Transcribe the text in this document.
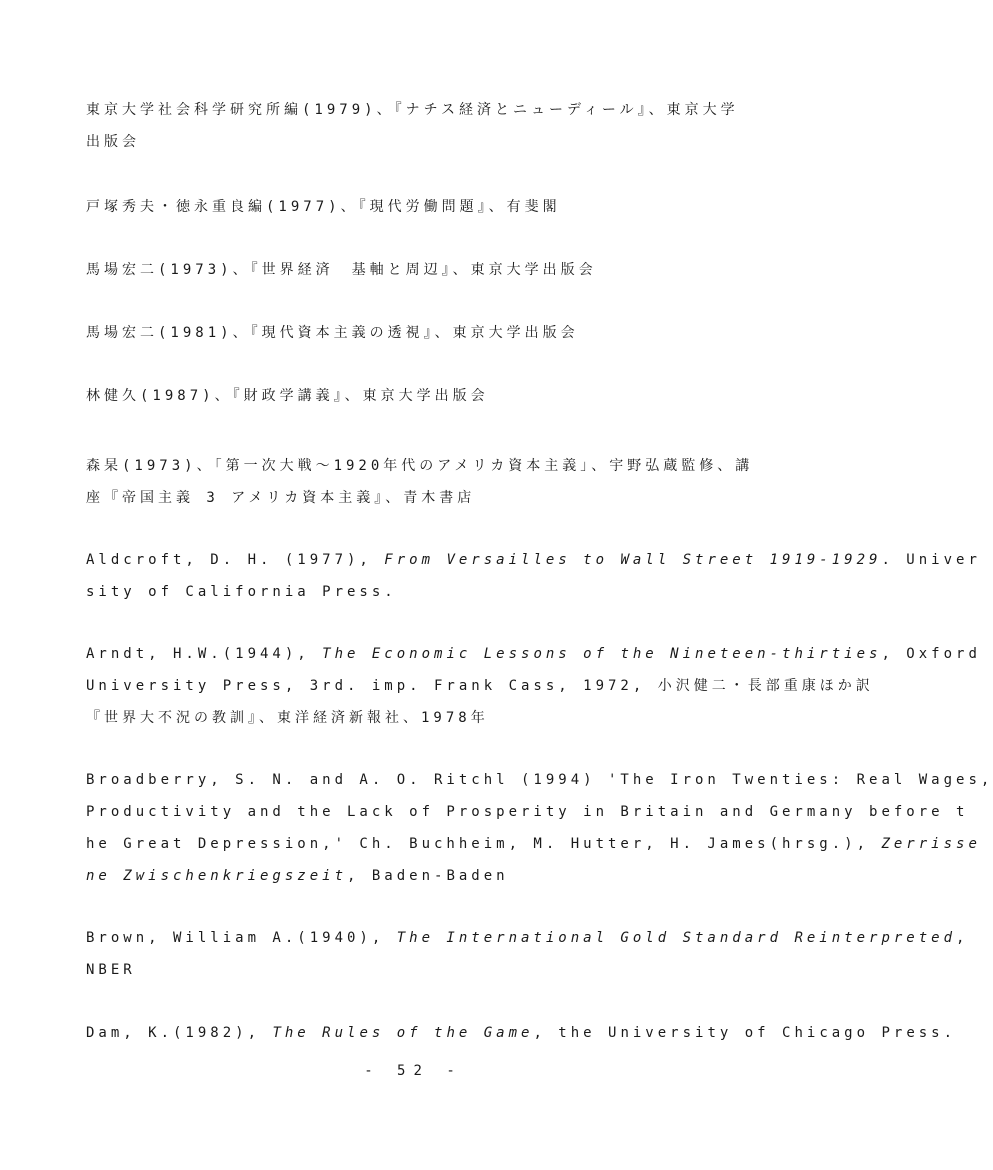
東京大学社会科学研究所編(1979)、『ナチス経済とニューディール』、東京大学
出版会
戸塚秀夫・徳永重良編(1977)、『現代労働問題』、有斐閣
馬場宏二(1973)、『世界経済　基軸と周辺』、東京大学出版会
馬場宏二(1981)、『現代資本主義の透視』、東京大学出版会
林健久(1987)、『財政学講義』、東京大学出版会
森杲(1973)、「第一次大戦～1920年代のアメリカ資本主義」、宇野弘蔵監修、講
座『帝国主義 3 アメリカ資本主義』、青木書店
Aldcroft, D. H. (1977), From Versailles to Wall Street 1919-1929. Univer
sity of California Press.
Arndt, H.W.(1944), The Economic Lessons of the Nineteen-thirties, Oxford
University Press, 3rd. imp. Frank Cass, 1972, 小沢健二・長部重康ほか訳
『世界大不況の教訓』、東洋経済新報社、1978年
Broadberry, S. N. and A. O. Ritchl (1994) 'The Iron Twenties: Real Wages,
Productivity and the Lack of Prosperity in Britain and Germany before t
he Great Depression,' Ch. Buchheim, M. Hutter, H. James(hrsg.), Zerrisse
ne Zwischenkriegszeit, Baden-Baden
Brown, William A.(1940), The International Gold Standard Reinterpreted,
NBER
Dam, K.(1982), The Rules of the Game, the University of Chicago Press.
- 52 -
